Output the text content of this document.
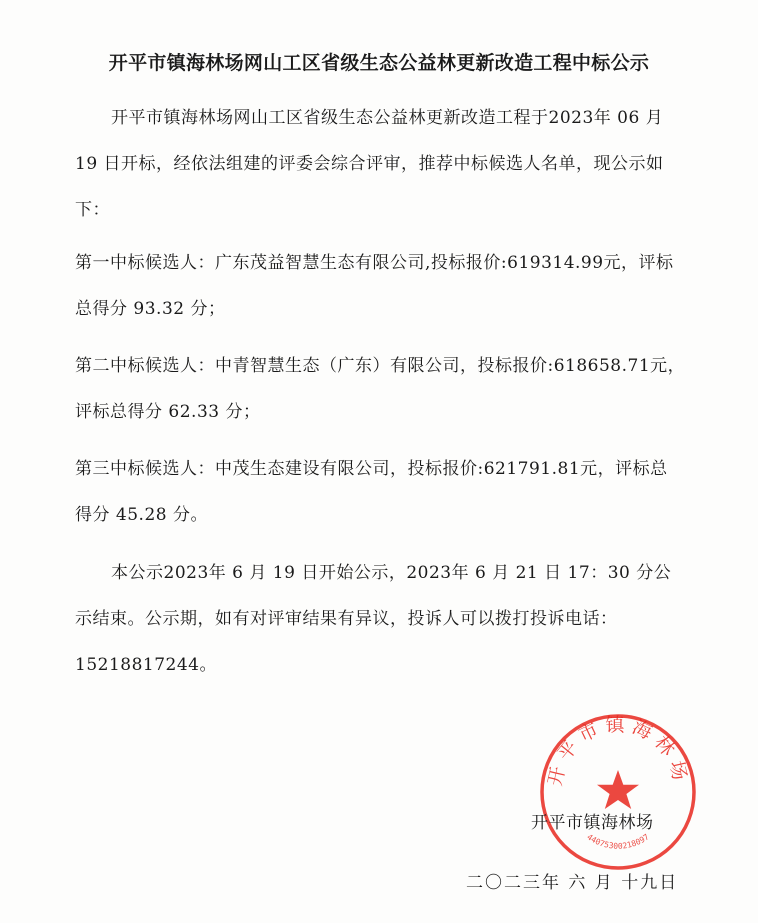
开平市镇海林场网山工区省级生态公益林更新改造工程中标公示
开平市镇海林场网山工区省级生态公益林更新改造工程于2023年 06 月
19 日开标，经依法组建的评委会综合评审，推荐中标候选人名单，现公示如
下：
第一中标候选人：广东茂益智慧生态有限公司,投标报价:619314.99元，评标
总得分 93.32 分；
第二中标候选人：中青智慧生态（广东）有限公司，投标报价:618658.71元，
评标总得分 62.33 分；
第三中标候选人：中茂生态建设有限公司，投标报价:621791.81元，评标总
得分 45.28 分。
本公示2023年 6 月 19 日开始公示，2023年 6 月 21 日 17：30 分公
示结束。公示期，如有对评审结果有异议，投诉人可以拨打投诉电话：
15218817244。
开平市镇海林场
44075300218097

开平市镇海林场

二〇二三年 六 月 十九日
